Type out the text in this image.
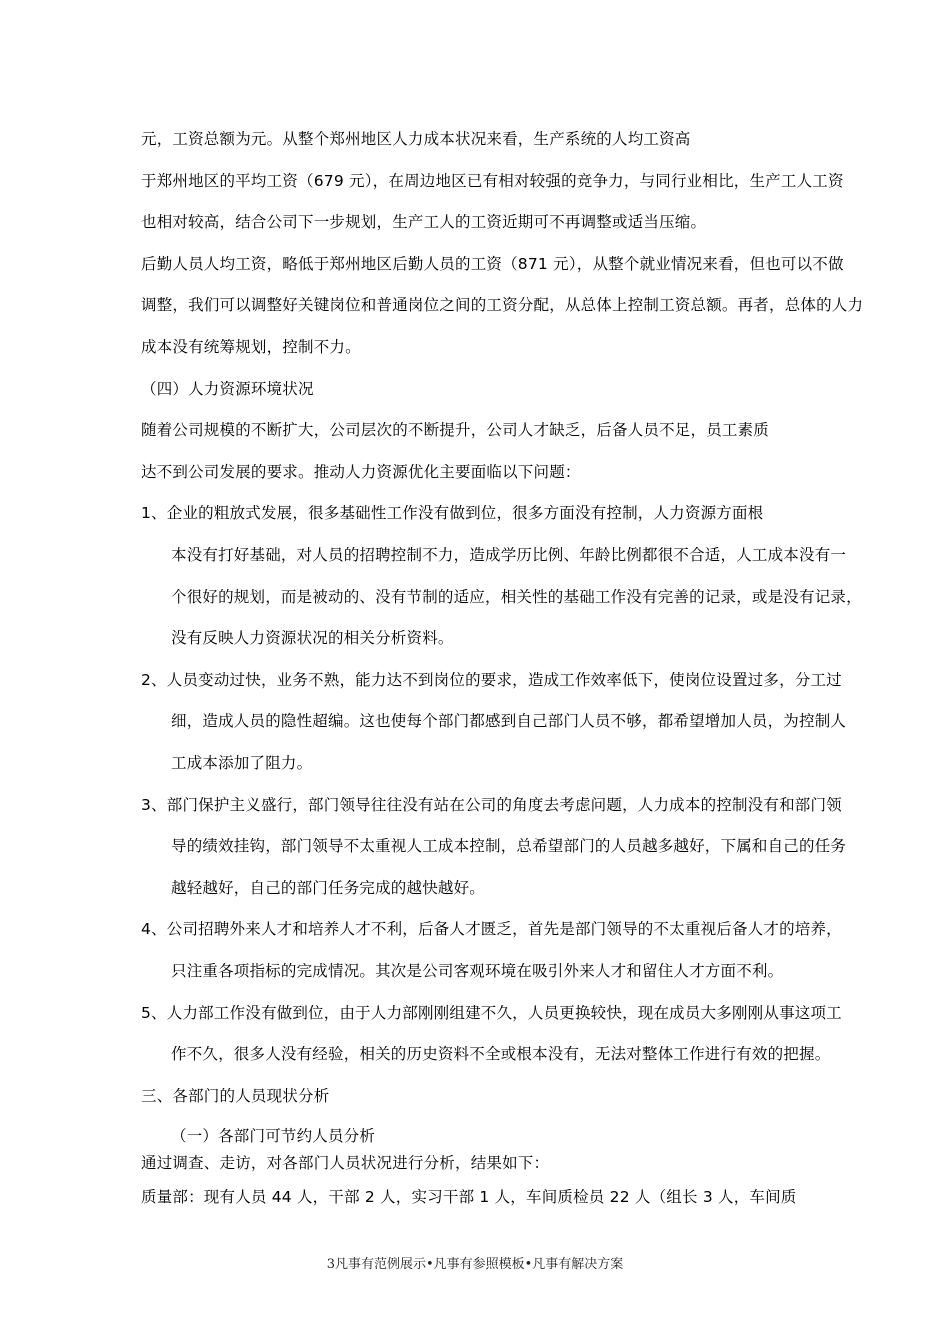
元，工资总额为元。从整个郑州地区人力成本状况来看，生产系统的人均工资高
于郑州地区的平均工资（679 元），在周边地区已有相对较强的竞争力，与同行业相比，生产工人工资
也相对较高，结合公司下一步规划，生产工人的工资近期可不再调整或适当压缩。
后勤人员人均工资，略低于郑州地区后勤人员的工资（871 元），从整个就业情况来看，但也可以不做
调整，我们可以调整好关键岗位和普通岗位之间的工资分配，从总体上控制工资总额。再者，总体的人力
成本没有统筹规划，控制不力。
（四）人力资源环境状况
随着公司规模的不断扩大，公司层次的不断提升，公司人才缺乏，后备人员不足，员工素质
达不到公司发展的要求。推动人力资源优化主要面临以下问题：
1、企业的粗放式发展，很多基础性工作没有做到位，很多方面没有控制，人力资源方面根
本没有打好基础，对人员的招聘控制不力，造成学历比例、年龄比例都很不合适，人工成本没有一
个很好的规划，而是被动的、没有节制的适应，相关性的基础工作没有完善的记录，或是没有记录，
没有反映人力资源状况的相关分析资料。
2、人员变动过快，业务不熟，能力达不到岗位的要求，造成工作效率低下，使岗位设置过多，分工过
细，造成人员的隐性超编。这也使每个部门都感到自己部门人员不够，都希望增加人员，为控制人
工成本添加了阻力。
3、部门保护主义盛行，部门领导往往没有站在公司的角度去考虑问题，人力成本的控制没有和部门领
导的绩效挂钩，部门领导不太重视人工成本控制，总希望部门的人员越多越好，下属和自己的任务
越轻越好，自己的部门任务完成的越快越好。
4、公司招聘外来人才和培养人才不利，后备人才匮乏，首先是部门领导的不太重视后备人才的培养，
只注重各项指标的完成情况。其次是公司客观环境在吸引外来人才和留住人才方面不利。
5、人力部工作没有做到位，由于人力部刚刚组建不久，人员更换较快，现在成员大多刚刚从事这项工
作不久，很多人没有经验，相关的历史资料不全或根本没有，无法对整体工作进行有效的把握。
三、各部门的人员现状分析
（一）各部门可节约人员分析
通过调查、走访，对各部门人员状况进行分析，结果如下：
质量部：现有人员 44 人，干部 2 人，实习干部 1 人，车间质检员 22 人（组长 3 人，车间质
3凡事有范例展示•凡事有参照模板•凡事有解决方案
